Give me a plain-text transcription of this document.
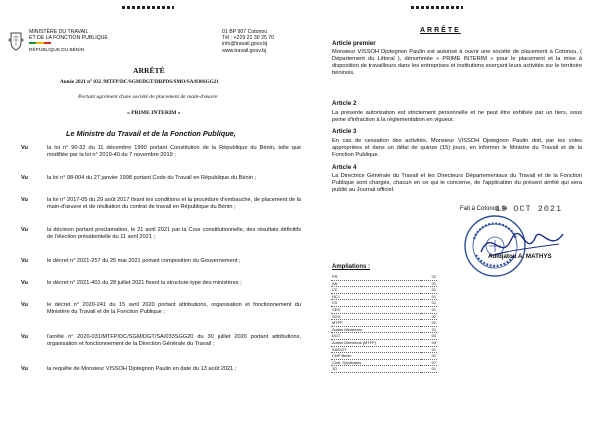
MINISTÈRE DU TRAVAIL
ET DE LA FONCTION PUBLIQUE
RÉPUBLIQUE DU BÉNIN
01 BP 907 Cotonou
Tél : +229 21 30 25 70
info@travail.gouv.bj
www.travail.gouv.bj
ARRÊTÉ
Année 2021 n° 032 /MTFP/DC/SGM/DGT/DRPDS/SMO/SA/030SGG21
Portant agrément d'une société de placement de main-d'œuvre
« PRIME INTERIM »
Le Ministre du Travail et de la Fonction Publique,
Vu	la loi n° 90-32 du 11 décembre 1990 portant Constitution de la République du Bénin, telle que modifiée par la loi n° 2019-40 du 7 novembre 2019 ;
Vu	la loi n° 98-004 du 27 janvier 1998 portant Code du Travail en République du Bénin ;
Vu	la loi n° 2017-05 du 29 août 2017 fixant les conditions et la procédure d'embauche, de placement de la main-d'œuvre et de résiliation du contrat de travail en République du Bénin ;
Vu	la décision portant proclamation, le 21 avril 2021 par la Cour constitutionnelle, des résultats définitifs de l'élection présidentielle du 11 avril 2021 ;
Vu	le décret n° 2021-257 du 25 mai 2021 portant composition du Gouvernement ;
Vu	le décret n° 2021-401 du 28 juillet 2021 fixant la structure-type des ministères ;
Vu	le décret n° 2020-241 du 15 avril 2020 portant attributions, organisation et fonctionnement du Ministère du Travail et de la Fonction Publique ;
Vu	l'arrêté n° 2020-031/MTFP/DC/SGM/DGT/SA/033SGG20 du 30 juillet 2020 portant attributions, organisation et fonctionnement de la Direction Générale du Travail ;
Vu	la requête de Monsieur VISSOH Djotegnon Paulin en date du 13 août 2021 ;
ARRÊTE
Article premier
Monsieur VISSOH Djotegnon Paulin est autorisé à ouvrir une société de placement à Cotonou, ( Département du Littoral ), dénommée « PRIME INTERIM » pour le placement et la mise à disposition de travailleurs dans les entreprises et institutions exerçant leurs activités sur le territoire béninois.
Article 2
La présente autorisation est strictement personnelle et ne peut être exhibée par un tiers, sous peine d'infraction à la réglementation en vigueur.
Article 3
En cas de cessation des activités, Monsieur VISSOH Djotegnon Paulin doit, par les voies appropriées et dans un délai de quinze (15) jours, en informer le Ministre du Travail et de la Fonction Publique.
Article 4
La Directrice Générale du Travail et les Directeurs Départementaux du Travail et de la Fonction Publique sont chargés, chacun en ce qui le concerne, de l'application du présent arrêté qui sera publié au Journal officiel.
Fait à Cotonou, le
19 OCT 2021
Adidjatou A. MATHYS
Ampliations :
PR	02
AN	01
CC	01
HCJ	01
CS	01
CES	01
SGG	02
MTFP	02
Autres Ministères	21
DGT	04
Autres Directions (MTFP)	04
SA/DGT	01
CNP-Bénin	02
Conf. Syndicales	07
JO	01
